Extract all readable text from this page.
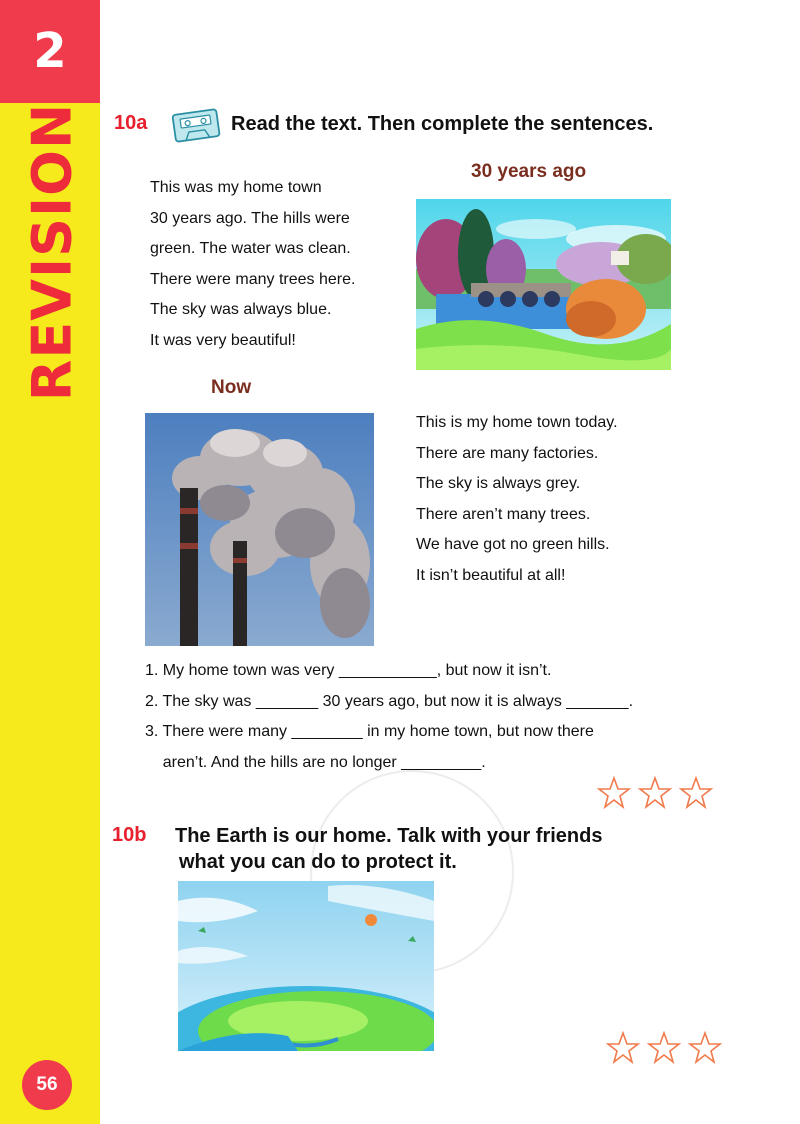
2
REVISION
56
10a	Read the text. Then complete the sentences.
This was my home town
30 years ago. The hills were
green. The water was clean.
There were many trees here.
The sky was always blue.
It was very beautiful!
30 years ago
Now
This is my home town today.
There are many factories.
The sky is always grey.
There aren’t many trees.
We have got no green hills.
It isn’t beautiful at all!
1. My home town was very ___________, but now it isn’t.
2. The sky was _______ 30 years ago, but now it is always _______.
3. There were many ________ in my home town, but now there
aren’t. And the hills are no longer _________.
10b The Earth is our home. Talk with your friends
what you can do to protect it.
